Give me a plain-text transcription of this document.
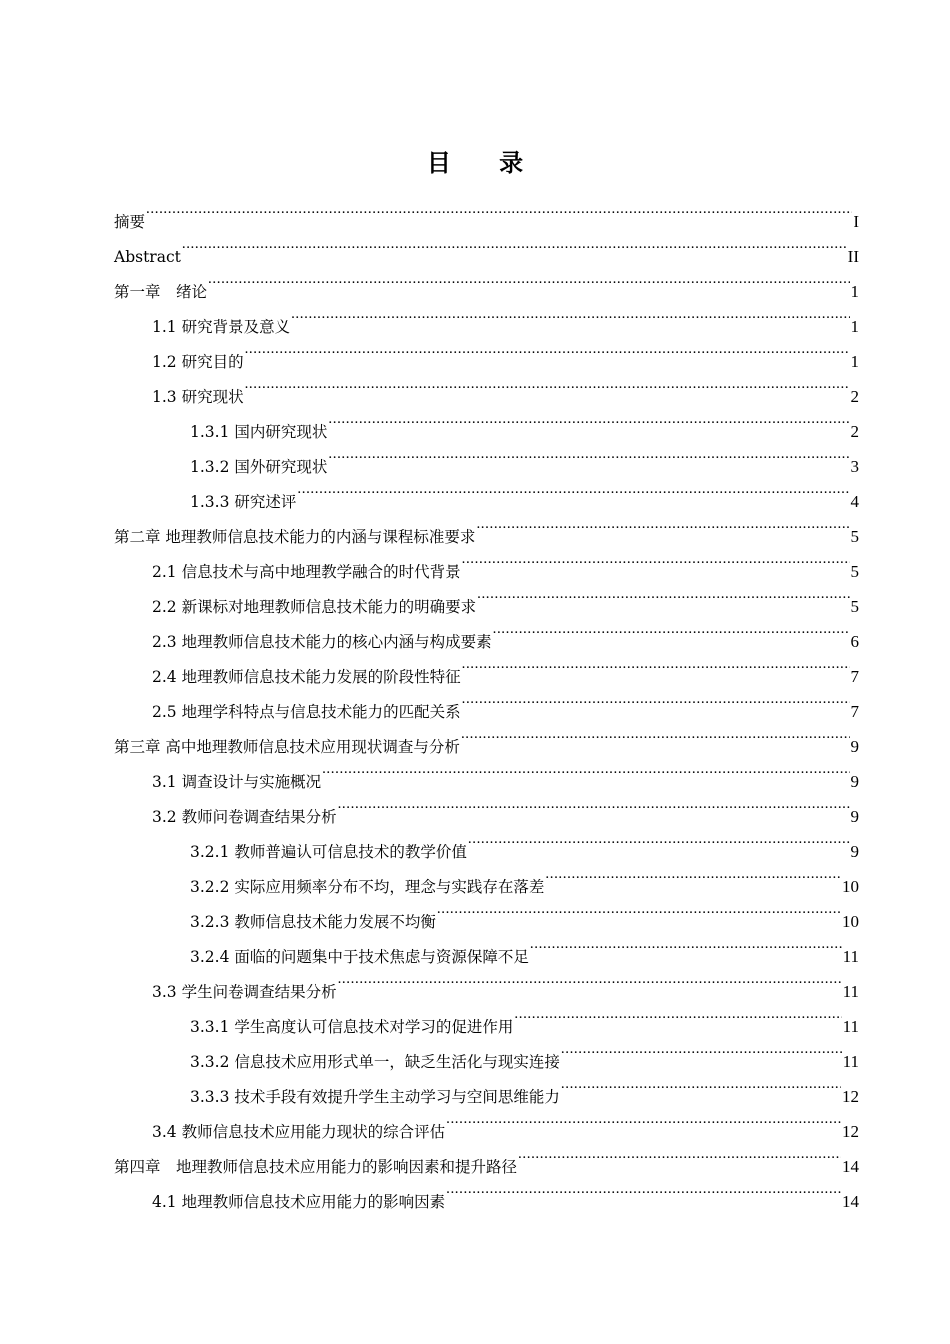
目 录
摘要 .....	I
Abstract .....	II
第一章　绪论 .....	1
1.1 研究背景及意义 .....	1
1.2 研究目的 .....	1
1.3 研究现状 .....	2
1.3.1 国内研究现状 .....	2
1.3.2 国外研究现状 .....	3
1.3.3 研究述评 .....	4
第二章 地理教师信息技术能力的内涵与课程标准要求 .....	5
2.1 信息技术与高中地理教学融合的时代背景 .....	5
2.2 新课标对地理教师信息技术能力的明确要求 .....	5
2.3 地理教师信息技术能力的核心内涵与构成要素 .....	6
2.4 地理教师信息技术能力发展的阶段性特征 .....	7
2.5 地理学科特点与信息技术能力的匹配关系 .....	7
第三章 高中地理教师信息技术应用现状调查与分析 .....	9
3.1 调查设计与实施概况 .....	9
3.2 教师问卷调查结果分析 .....	9
3.2.1 教师普遍认可信息技术的教学价值 .....	9
3.2.2 实际应用频率分布不均，理念与实践存在落差 .....	10
3.2.3 教师信息技术能力发展不均衡 .....	10
3.2.4 面临的问题集中于技术焦虑与资源保障不足 .....	11
3.3 学生问卷调查结果分析 .....	11
3.3.1 学生高度认可信息技术对学习的促进作用 .....	11
3.3.2 信息技术应用形式单一，缺乏生活化与现实连接 .....	11
3.3.3 技术手段有效提升学生主动学习与空间思维能力 .....	12
3.4 教师信息技术应用能力现状的综合评估 .....	12
第四章　地理教师信息技术应用能力的影响因素和提升路径 .....	14
4.1 地理教师信息技术应用能力的影响因素 .....	14
